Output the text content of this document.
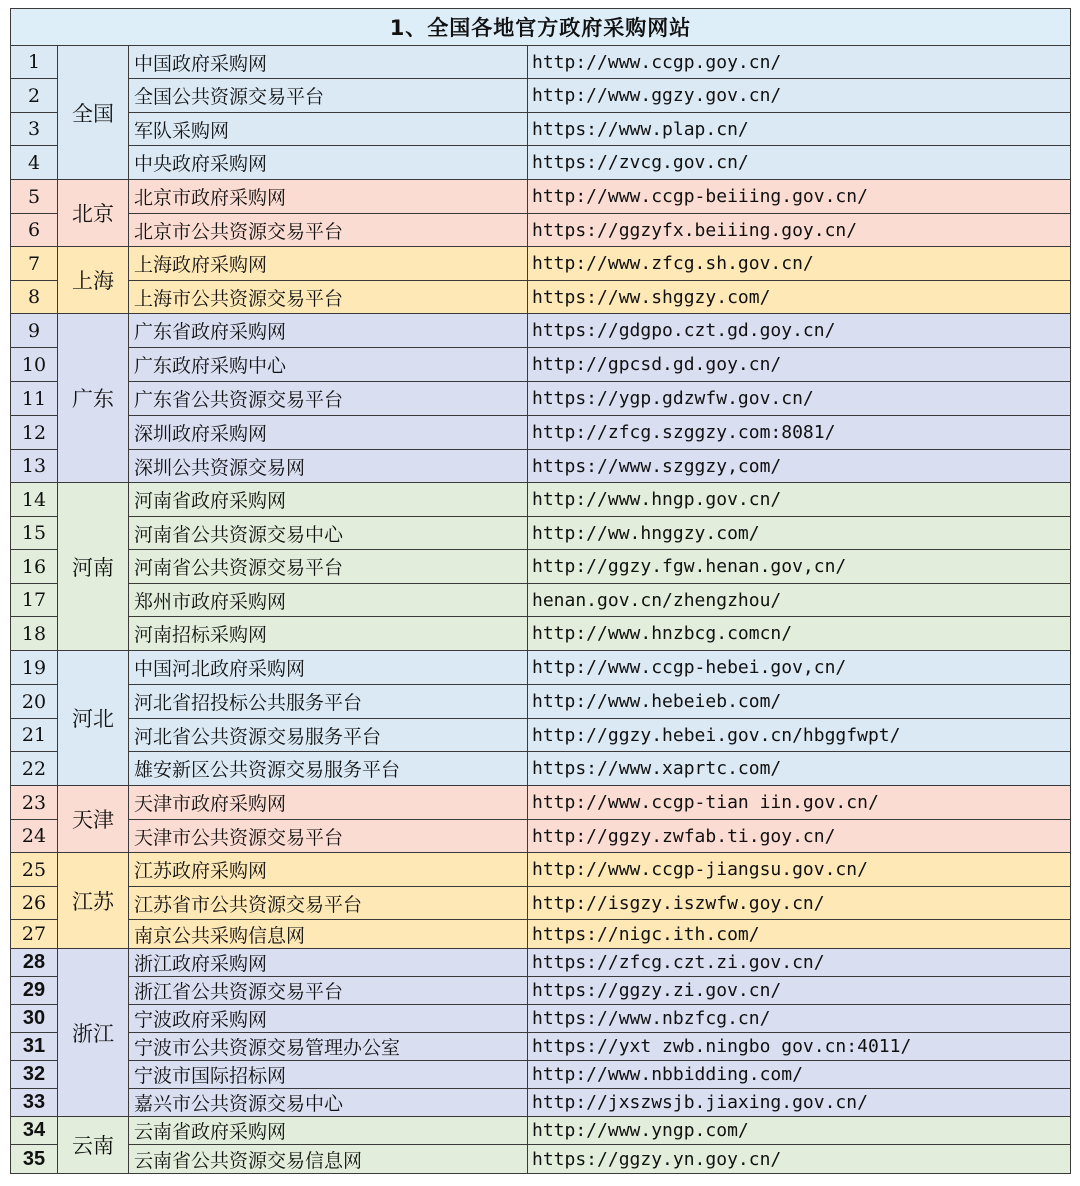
1、全国各地官方政府采购网站			
1	全国	中国政府采购网	http://www.ccgp.goy.cn/
2		全国公共资源交易平台	http://www.ggzy.gov.cn/
3		军队采购网	https://www.plap.cn/
4		中央政府采购网	https://zvcg.gov.cn/
5	北京	北京市政府采购网	http://www.ccgp-beiiing.gov.cn/
6		北京市公共资源交易平台	https://ggzyfx.beiiing.goy.cn/
7	上海	上海政府采购网	http://www.zfcg.sh.gov.cn/
8		上海市公共资源交易平台	https://ww.shggzy.com/
9	广东	广东省政府采购网	https://gdgpo.czt.gd.goy.cn/
10		广东政府采购中心	http://gpcsd.gd.goy.cn/
11		广东省公共资源交易平台	https://ygp.gdzwfw.gov.cn/
12		深圳政府采购网	http://zfcg.szggzy.com:8081/
13		深圳公共资源交易网	https://www.szggzy,com/
14	河南	河南省政府采购网	http://www.hngp.gov.cn/
15		河南省公共资源交易中心	http://ww.hnggzy.com/
16		河南省公共资源交易平台	http://ggzy.fgw.henan.gov,cn/
17		郑州市政府采购网	henan.gov.cn/zhengzhou/
18		河南招标采购网	http://www.hnzbcg.comcn/
19	河北	中国河北政府采购网	http://www.ccgp-hebei.gov,cn/
20		河北省招投标公共服务平台	http://www.hebeieb.com/
21		河北省公共资源交易服务平台	http://ggzy.hebei.gov.cn/hbggfwpt/
22		雄安新区公共资源交易服务平台	https://www.xaprtc.com/
23	天津	天津市政府采购网	http://www.ccgp-tian iin.gov.cn/
24		天津市公共资源交易平台	http://ggzy.zwfab.ti.goy.cn/
25	江苏	江苏政府采购网	http://www.ccgp-jiangsu.gov.cn/
26		江苏省市公共资源交易平台	http://isgzy.iszwfw.goy.cn/
27		南京公共采购信息网	https://nigc.ith.com/
28	浙江	浙江政府采购网	https://zfcg.czt.zi.gov.cn/
29		浙江省公共资源交易平台	https://ggzy.zi.gov.cn/
30		宁波政府采购网	https://www.nbzfcg.cn/
31		宁波市公共资源交易管理办公室	https://yxt zwb.ningbo gov.cn:4011/
32		宁波市国际招标网	http://www.nbbidding.com/
33		嘉兴市公共资源交易中心	http://jxszwsjb.jiaxing.gov.cn/
34	云南	云南省政府采购网	http://www.yngp.com/
35		云南省公共资源交易信息网	https://ggzy.yn.goy.cn/
